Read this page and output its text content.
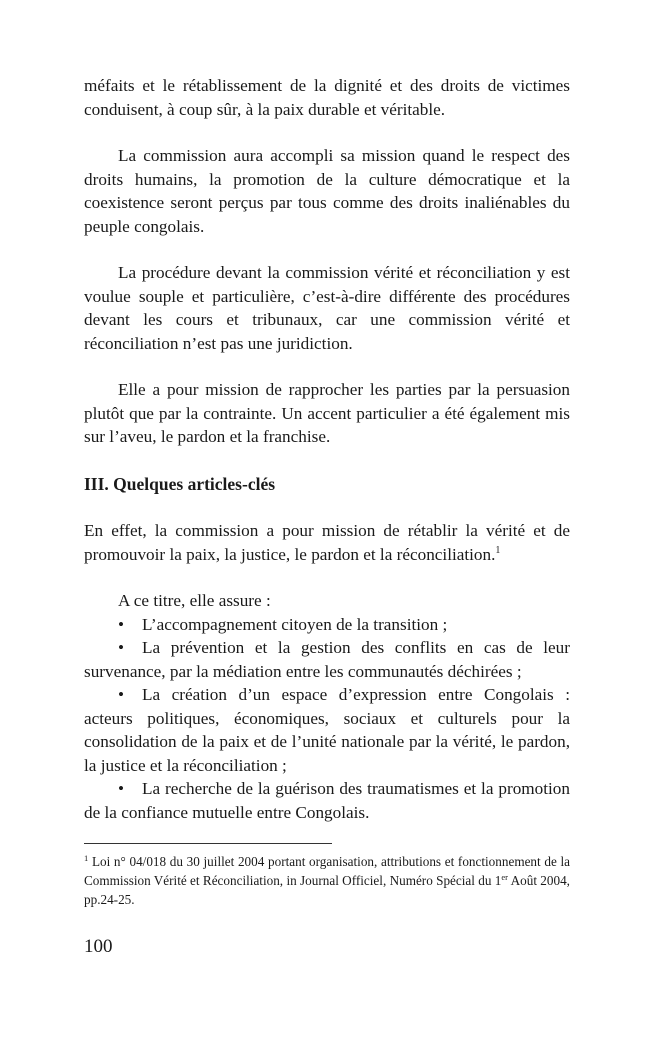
méfaits et le rétablissement de la dignité et des droits de victimes conduisent, à coup sûr, à la paix durable et véritable.

La commission aura accompli sa mission quand le respect des droits humains, la promotion de la culture démocratique et la coexistence seront perçus par tous comme des droits inaliénables du peuple congolais.

La procédure devant la commission vérité et réconciliation y est voulue souple et particulière, c’est-à-dire différente des procédures devant les cours et tribunaux, car une commission vérité et réconciliation n’est pas une juridiction.

Elle a pour mission de rapprocher les parties par la persuasion plutôt que par la contrainte. Un accent particulier a été également mis sur l’aveu, le pardon et la franchise.

III. Quelques articles-clés

En effet, la commission a pour mission de rétablir la vérité et de promouvoir la paix, la justice, le pardon et la réconciliation.$^1$

A ce titre, elle assure :

• L’accompagnement citoyen de la transition ;

• La prévention et la gestion des conflits en cas de leur survenance, par la médiation entre les communautés déchirées ;

• La création d’un espace d’expression entre Congolais : acteurs politiques, économiques, sociaux et culturels pour la consolidation de la paix et de l’unité nationale par la vérité, le pardon, la justice et la réconciliation ;

• La recherche de la guérison des traumatismes et la promotion de la confiance mutuelle entre Congolais.

$^1$ Loi n° 04/018 du 30 juillet 2004 portant organisation, attributions et fonctionnement de la Commission Vérité et Réconciliation, in Journal Officiel, Numéro Spécial du 1er Août 2004, pp.24-25.
100
